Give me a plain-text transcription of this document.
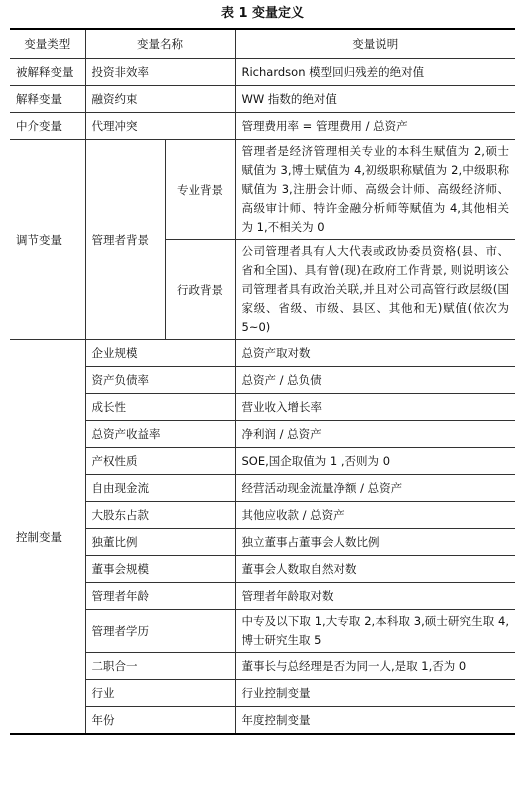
表 1 变量定义
变量类型	变量名称		变量说明
被解释变量	投资非效率		Richardson 模型回归残差的绝对值
解释变量	融资约束		WW 指数的绝对值
中介变量	代理冲突		管理费用率 = 管理费用 / 总资产
调节变量	管理者背景	专业背景	管理者是经济管理相关专业的本科生赋值为 2,硕士赋值为 3,博士赋值为 4,初级职称赋值为 2,中级职称赋值为 3,注册会计师、高级会计师、高级经济师、高级审计师、特许金融分析师等赋值为 4,其他相关为 1,不相关为 0
		行政背景	公司管理者具有人大代表或政协委员资格(县、市、省和全国)、具有曾(现)在政府工作背景, 则说明该公司管理者具有政治关联,并且对公司高管行政层级(国家级、省级、市级、县区、其他和无)赋值(依次为 5~0)
控制变量	企业规模		总资产取对数
	资产负债率		总资产 / 总负债
	成长性		营业收入增长率
	总资产收益率		净利润 / 总资产
	产权性质		SOE,国企取值为 1 ,否则为 0
	自由现金流		经营活动现金流量净额 / 总资产
	大股东占款		其他应收款 / 总资产
	独董比例		独立董事占董事会人数比例
	董事会规模		董事会人数取自然对数
	管理者年龄		管理者年龄取对数
	管理者学历		中专及以下取 1,大专取 2,本科取 3,硕士研究生取 4,博士研究生取 5
	二职合一		董事长与总经理是否为同一人,是取 1,否为 0
	行业		行业控制变量
	年份		年度控制变量
